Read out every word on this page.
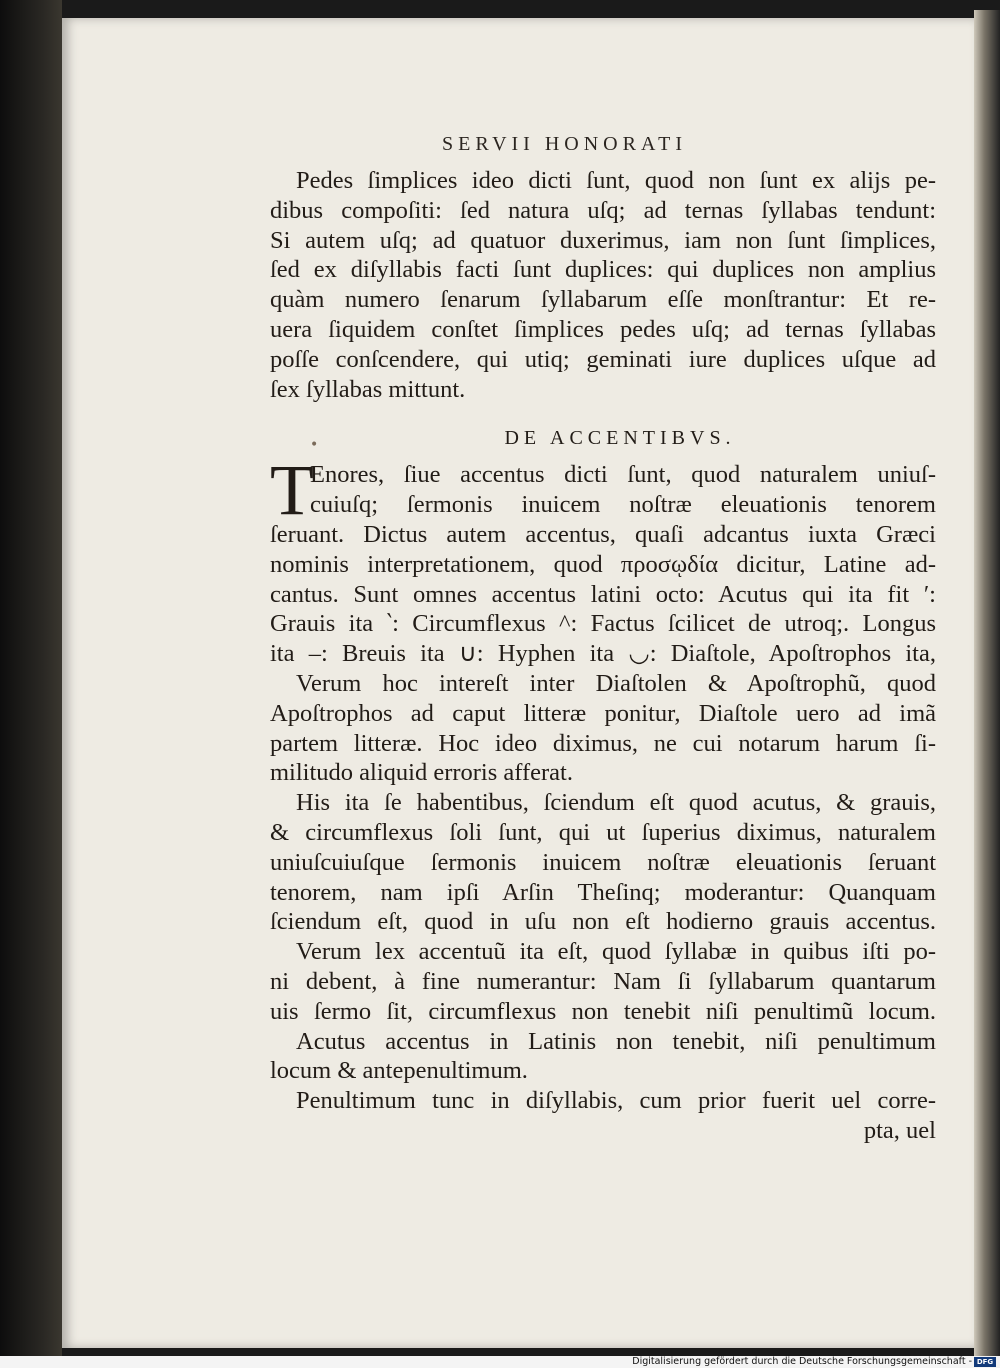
SERVII HONORATI
•
Pedes ſimplices ideo dicti ſunt, quod non ſunt ex alijs pe-
dibus compoſiti: ſed natura uſq; ad ternas ſyllabas tendunt:
Si autem uſq; ad quatuor duxerimus, iam non ſunt ſimplices,
ſed ex diſyllabis facti ſunt duplices: qui duplices non amplius
quàm numero ſenarum ſyllabarum eſſe monſtrantur: Et re-
uera ſiquidem conſtet ſimplices pedes uſq; ad ternas ſyllabas
poſſe conſcendere, qui utiq; geminati iure duplices uſque ad
ſex ſyllabas mittunt.
DE ACCENTIBVS.
T
Enores, ſiue accentus dicti ſunt, quod naturalem uniuſ-
cuiuſq; ſermonis inuicem noſtræ eleuationis tenorem
ſeruant. Dictus autem accentus, quaſi adcantus iuxta Græci
nominis interpretationem, quod προσῳδία dicitur, Latine ad-
cantus. Sunt omnes accentus latini octo: Acutus qui ita fit ′:
Grauis ita ‵: Circumflexus ^: Factus ſcilicet de utroq;. Longus
ita –: Breuis ita ∪: Hyphen ita ◡: Diaſtole, Apoſtrophos ita,
Verum hoc intereſt inter Diaſtolen & Apoſtrophũ, quod
Apoſtrophos ad caput litteræ ponitur, Diaſtole uero ad imã
partem litteræ. Hoc ideo diximus, ne cui notarum harum ſi-
militudo aliquid erroris afferat.
His ita ſe habentibus, ſciendum eſt quod acutus, & grauis,
& circumflexus ſoli ſunt, qui ut ſuperius diximus, naturalem
uniuſcuiuſque ſermonis inuicem noſtræ eleuationis ſeruant
tenorem, nam ipſi Arſin Theſinq; moderantur: Quanquam
ſciendum eſt, quod in uſu non eſt hodierno grauis accentus.
Verum lex accentuũ ita eſt, quod ſyllabæ in quibus iſti po-
ni debent, à fine numerantur: Nam ſi ſyllabarum quantarum
uis ſermo ſit, circumflexus non tenebit niſi penultimũ locum.
Acutus accentus in Latinis non tenebit, niſi penultimum
locum & antepenultimum.
Penultimum tunc in diſyllabis, cum prior fuerit uel corre-
pta, uel
Digitalisierung gefördert durch die Deutsche Forschungsgemeinschaft - DFG
